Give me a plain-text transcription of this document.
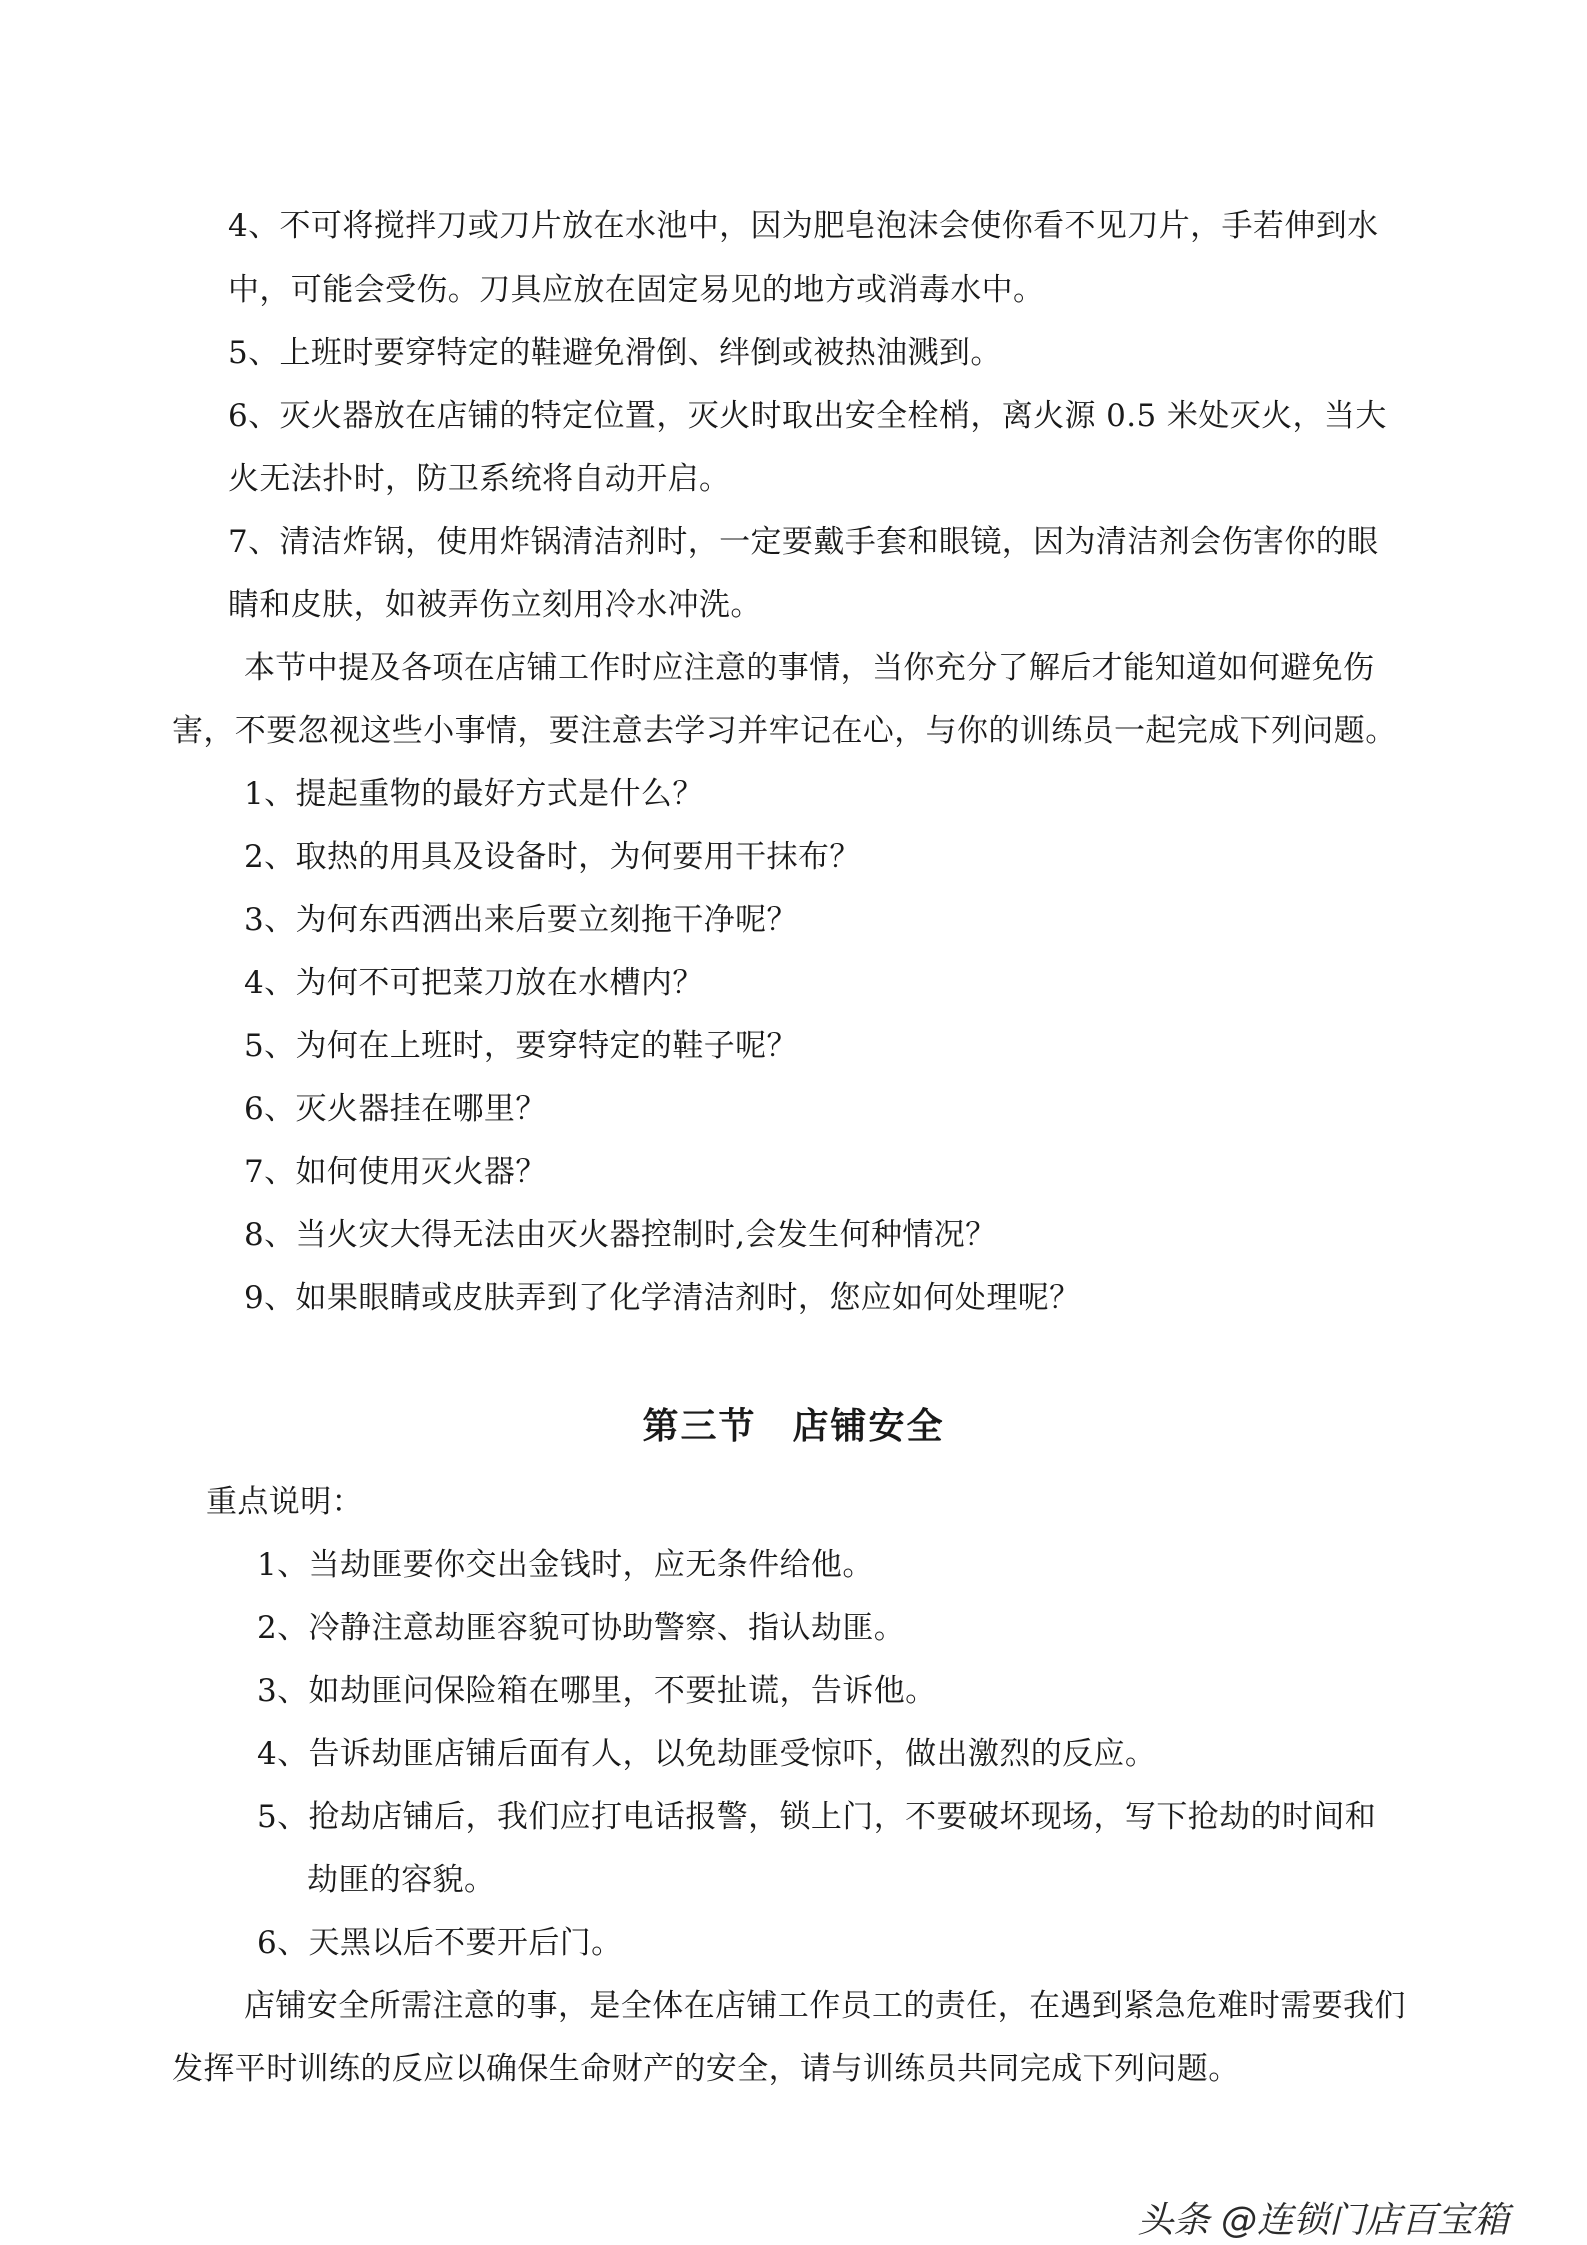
4、不可将搅拌刀或刀片放在水池中，因为肥皂泡沫会使你看不见刀片，手若伸到水
中，可能会受伤。刀具应放在固定易见的地方或消毒水中。
5、上班时要穿特定的鞋避免滑倒、绊倒或被热油溅到。
6、灭火器放在店铺的特定位置，灭火时取出安全栓梢，离火源 0.5 米处灭火，当大
火无法扑时，防卫系统将自动开启。
7、清洁炸锅，使用炸锅清洁剂时，一定要戴手套和眼镜，因为清洁剂会伤害你的眼
睛和皮肤，如被弄伤立刻用冷水冲洗。
本节中提及各项在店铺工作时应注意的事情，当你充分了解后才能知道如何避免伤
害，不要忽视这些小事情，要注意去学习并牢记在心，与你的训练员一起完成下列问题。
1、提起重物的最好方式是什么？
2、取热的用具及设备时，为何要用干抹布？
3、为何东西洒出来后要立刻拖干净呢？
4、为何不可把菜刀放在水槽内？
5、为何在上班时，要穿特定的鞋子呢？
6、灭火器挂在哪里？
7、如何使用灭火器？
8、当火灾大得无法由灭火器控制时,会发生何种情况？
9、如果眼睛或皮肤弄到了化学清洁剂时，您应如何处理呢？
第三节 店铺安全
重点说明：
1、当劫匪要你交出金钱时，应无条件给他。
2、冷静注意劫匪容貌可协助警察、指认劫匪。
3、如劫匪问保险箱在哪里，不要扯谎，告诉他。
4、告诉劫匪店铺后面有人，以免劫匪受惊吓，做出激烈的反应。
5、抢劫店铺后，我们应打电话报警，锁上门，不要破坏现场，写下抢劫的时间和
劫匪的容貌。
6、天黑以后不要开后门。
店铺安全所需注意的事，是全体在店铺工作员工的责任，在遇到紧急危难时需要我们
发挥平时训练的反应以确保生命财产的安全，请与训练员共同完成下列问题。
头条 @连锁门店百宝箱
